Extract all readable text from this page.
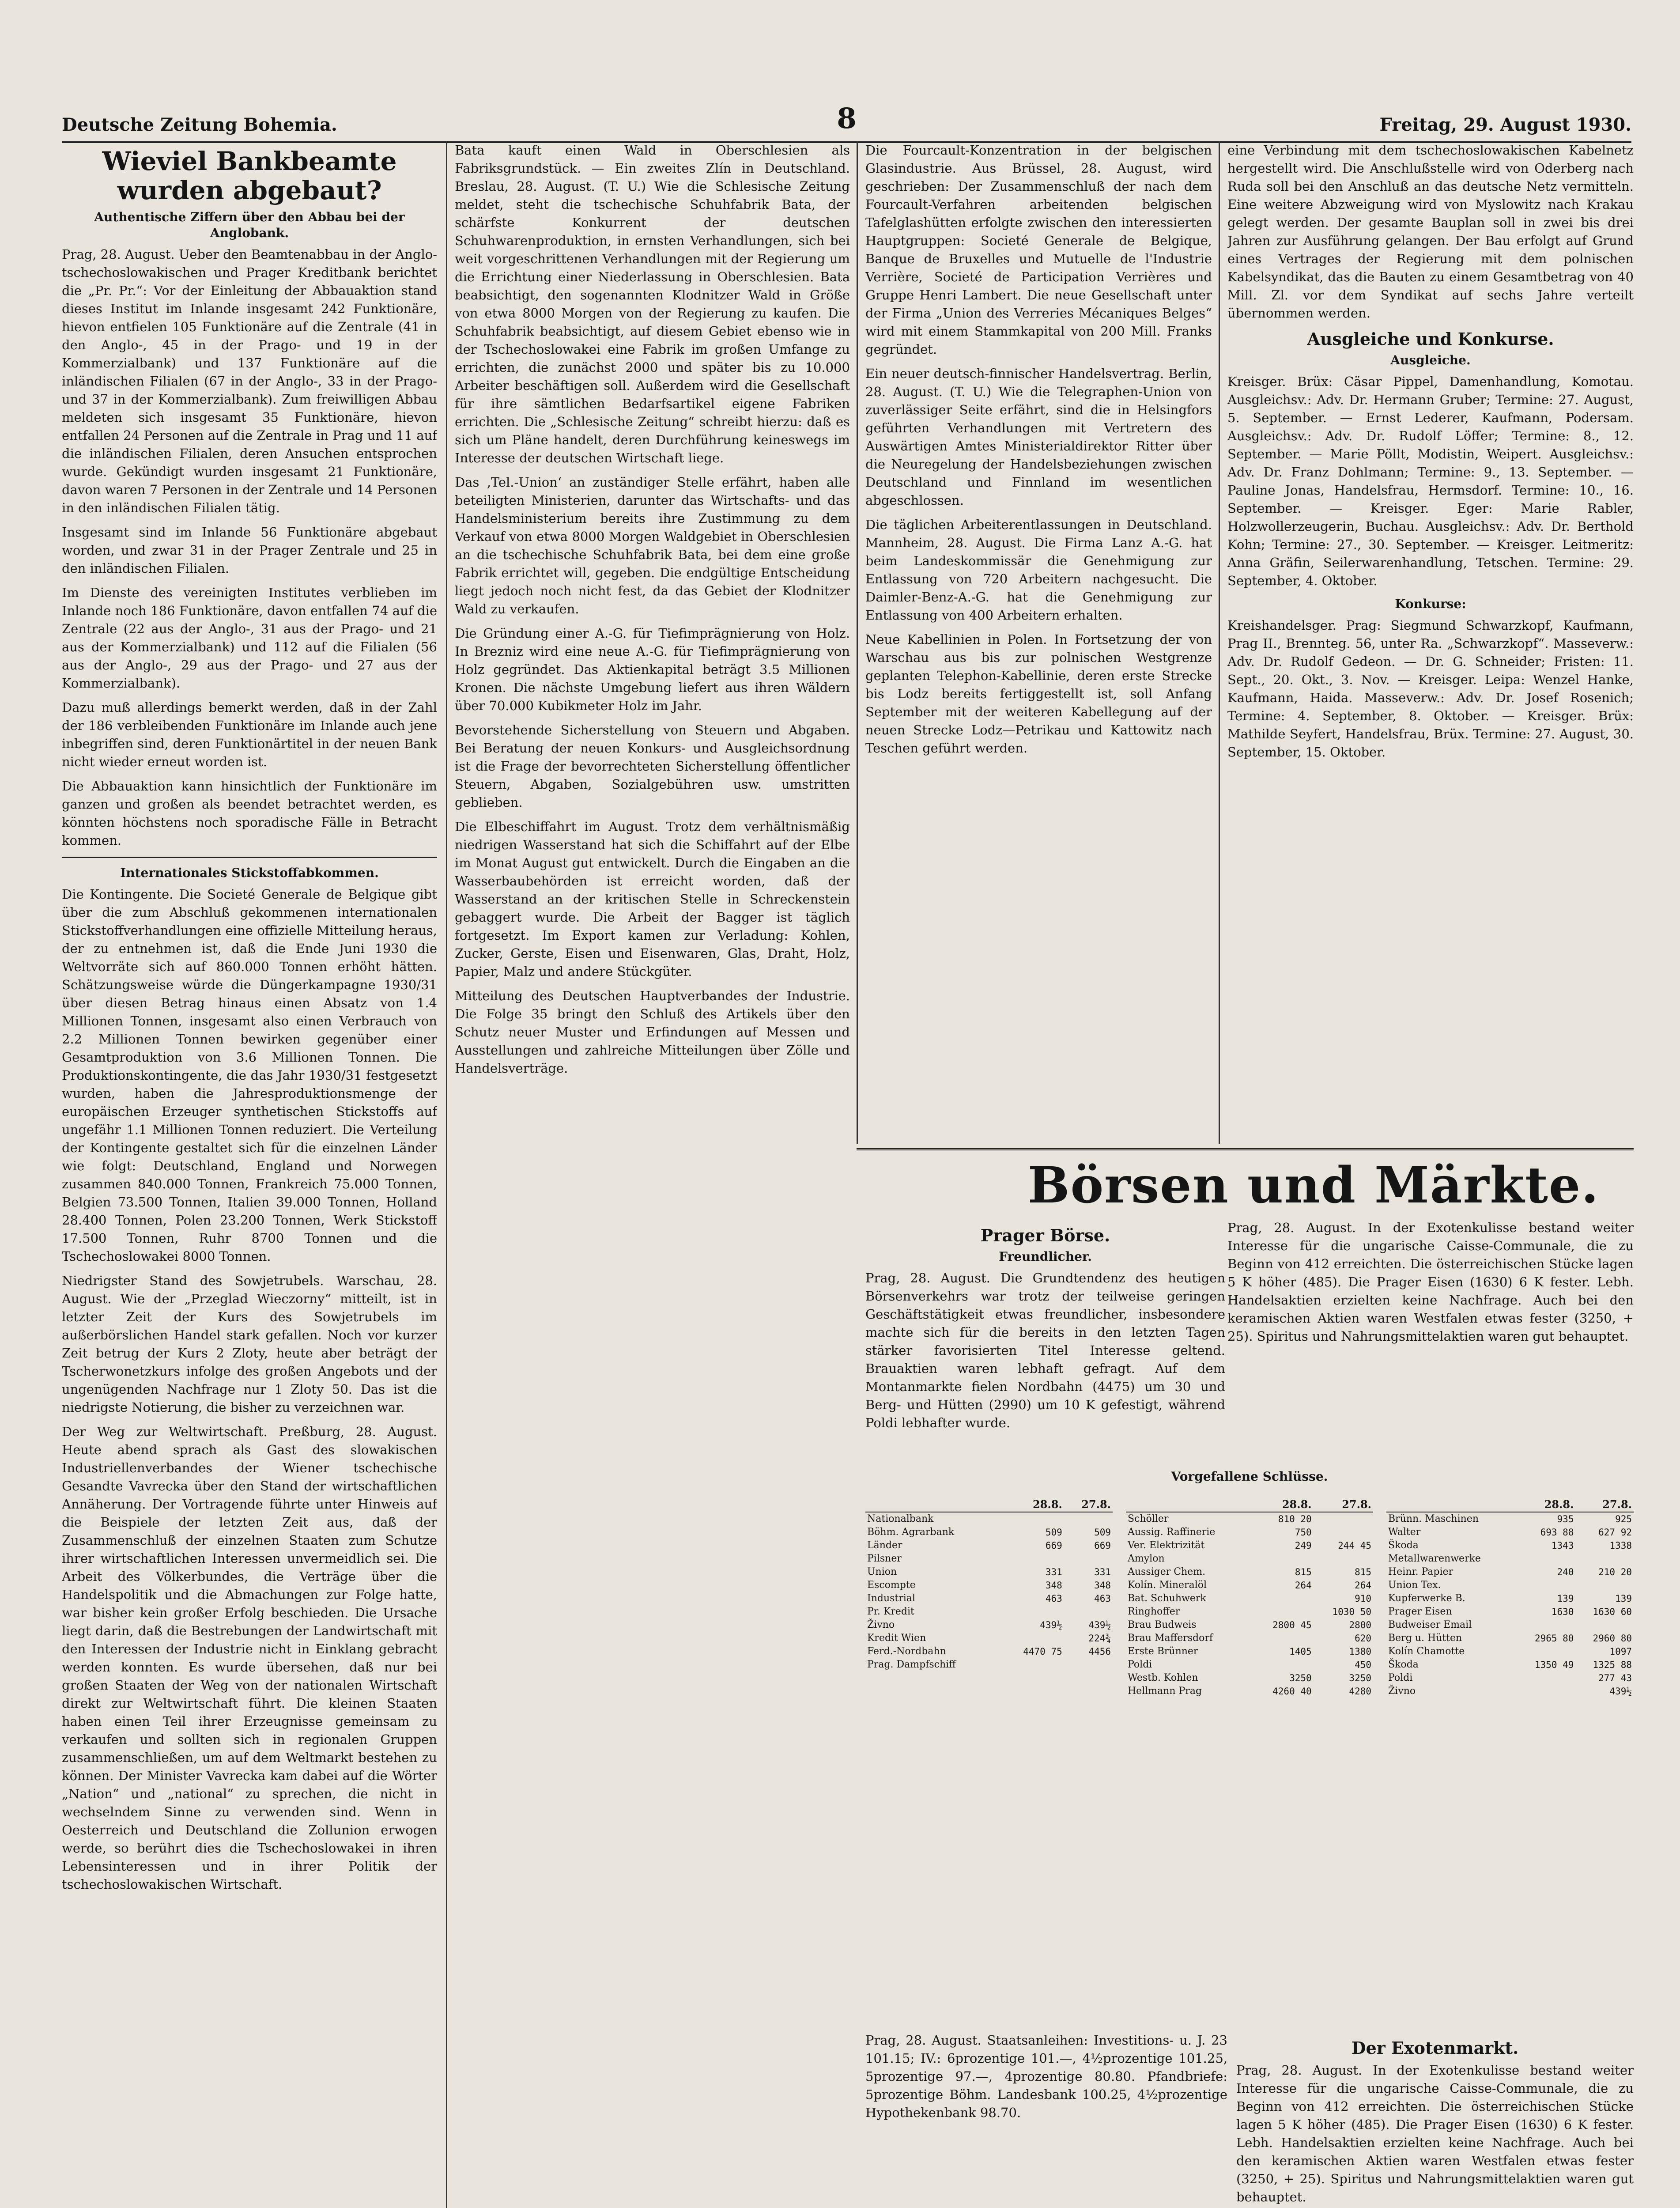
Deutsche Zeitung Bohemia.	8	Freitag, 29. August 1930.
Wieviel Bankbeamte wurden abgebaut?
Authentische Ziffern über den Abbau bei der Anglobank.

Prag, 28. August. Ueber den Beamtenabbau in der Anglo-tschechoslowakischen und Prager Kreditbank berichtet die „Pr. Pr.“: Vor der Einleitung der Abbauaktion stand dieses Institut im Inlande insgesamt 242 Funktionäre, hievon entfielen 105 Funktionäre auf die Zentrale (41 in den Anglo-, 45 in der Prago- und 19 in der Kommerzialbank) und 137 Funktionäre auf die inländischen Filialen (67 in der Anglo-, 33 in der Prago- und 37 in der Kommerzialbank). Zum freiwilligen Abbau meldeten sich insgesamt 35 Funktionäre, hievon entfallen 24 Personen auf die Zentrale in Prag und 11 auf die inländischen Filialen, deren Ansuchen entsprochen wurde. Gekündigt wurden insgesamt 21 Funktionäre, davon waren 7 Personen in der Zentrale und 14 Personen in den inländischen Filialen tätig.

Insgesamt sind im Inlande 56 Funktionäre abgebaut worden, und zwar 31 in der Prager Zentrale und 25 in den inländischen Filialen.

Im Dienste des vereinigten Institutes verblieben im Inlande noch 186 Funktionäre, davon entfallen 74 auf die Zentrale (22 aus der Anglo-, 31 aus der Prago- und 21 aus der Kommerzialbank) und 112 auf die Filialen (56 aus der Anglo-, 29 aus der Prago- und 27 aus der Kommerzialbank).

Dazu muß allerdings bemerkt werden, daß in der Zahl der 186 verbleibenden Funktionäre im Inlande auch jene inbegriffen sind, deren Funktionärtitel in der neuen Bank nicht wieder erneut worden ist.

Die Abbauaktion kann hinsichtlich der Funktionäre im ganzen und großen als beendet betrachtet werden, es könnten höchstens noch sporadische Fälle in Betracht kommen.

Internationales Stickstoffabkommen.

Die Kontingente. Die Societé Generale de Belgique gibt über die zum Abschluß gekommenen internationalen Stickstoffverhandlungen eine offizielle Mitteilung heraus, der zu entnehmen ist, daß die Ende Juni 1930 die Weltvorräte sich auf 860.000 Tonnen erhöht hätten. Schätzungsweise würde die Düngerkampagne 1930/31 über diesen Betrag hinaus einen Absatz von 1.4 Millionen Tonnen, insgesamt also einen Verbrauch von 2.2 Millionen Tonnen bewirken gegenüber einer Gesamtproduktion von 3.6 Millionen Tonnen. Die Produktionskontingente, die das Jahr 1930/31 festgesetzt wurden, haben die Jahresproduktionsmenge der europäischen Erzeuger synthetischen Stickstoffs auf ungefähr 1.1 Millionen Tonnen reduziert. Die Verteilung der Kontingente gestaltet sich für die einzelnen Länder wie folgt: Deutschland, England und Norwegen zusammen 840.000 Tonnen, Frankreich 75.000 Tonnen, Belgien 73.500 Tonnen, Italien 39.000 Tonnen, Holland 28.400 Tonnen, Polen 23.200 Tonnen, Werk Stickstoff 17.500 Tonnen, Ruhr 8700 Tonnen und die Tschechoslowakei 8000 Tonnen.

Niedrigster Stand des Sowjetrubels. Warschau, 28. August. Wie der „Przeglad Wieczorny“ mitteilt, ist in letzter Zeit der Kurs des Sowjetrubels im außerbörslichen Handel stark gefallen. Noch vor kurzer Zeit betrug der Kurs 2 Zloty, heute aber beträgt der Tscherwonetzkurs infolge des großen Angebots und der ungenügenden Nachfrage nur 1 Zloty 50. Das ist die niedrigste Notierung, die bisher zu verzeichnen war.

Der Weg zur Weltwirtschaft. Preßburg, 28. August. Heute abend sprach als Gast des slowakischen Industriellenverbandes der Wiener tschechische Gesandte Vavrecka über den Stand der wirtschaftlichen Annäherung. Der Vortragende führte unter Hinweis auf die Beispiele der letzten Zeit aus, daß der Zusammenschluß der einzelnen Staaten zum Schutze ihrer wirtschaftlichen Interessen unvermeidlich sei. Die Arbeit des Völkerbundes, die Verträge über die Handelspolitik und die Abmachungen zur Folge hatte, war bisher kein großer Erfolg beschieden. Die Ursache liegt darin, daß die Bestrebungen der Landwirtschaft mit den Interessen der Industrie nicht in Einklang gebracht werden konnten. Es wurde übersehen, daß nur bei großen Staaten der Weg von der nationalen Wirtschaft direkt zur Weltwirtschaft führt. Die kleinen Staaten haben einen Teil ihrer Erzeugnisse gemeinsam zu verkaufen und sollten sich in regionalen Gruppen zusammenschließen, um auf dem Weltmarkt bestehen zu können. Der Minister Vavrecka kam dabei auf die Wörter „Nation“ und „national“ zu sprechen, die nicht in wechselndem Sinne zu verwenden sind. Wenn in Oesterreich und Deutschland die Zollunion erwogen werde, so berührt dies die Tschechoslowakei in ihren Lebensinteressen und in ihrer Politik der tschechoslowakischen Wirtschaft.

Bata kauft einen Wald in Oberschlesien als Fabriksgrundstück. — Ein zweites Zlín in Deutschland. Breslau, 28. August. (T. U.) Wie die Schlesische Zeitung meldet, steht die tschechische Schuhfabrik Bata, der schärfste Konkurrent der deutschen Schuhwarenproduktion, in ernsten Verhandlungen, sich bei weit vorgeschrittenen Verhandlungen mit der Regierung um die Errichtung einer Niederlassung in Oberschlesien. Bata beabsichtigt, den sogenannten Klodnitzer Wald in Größe von etwa 8000 Morgen von der Regierung zu kaufen. Die Schuhfabrik beabsichtigt, auf diesem Gebiet ebenso wie in der Tschechoslowakei eine Fabrik im großen Umfange zu errichten, die zunächst 2000 und später bis zu 10.000 Arbeiter beschäftigen soll. Außerdem wird die Gesellschaft für ihre sämtlichen Bedarfsartikel eigene Fabriken errichten. Die „Schlesische Zeitung“ schreibt hierzu: daß es sich um Pläne handelt, deren Durchführung keineswegs im Interesse der deutschen Wirtschaft liege.

Das ‚Tel.-Union‘ an zuständiger Stelle erfährt, haben alle beteiligten Ministerien, darunter das Wirtschafts- und das Handelsministerium bereits ihre Zustimmung zu dem Verkauf von etwa 8000 Morgen Waldgebiet in Oberschlesien an die tschechische Schuhfabrik Bata, bei dem eine große Fabrik errichtet will, gegeben. Die endgültige Entscheidung liegt jedoch noch nicht fest, da das Gebiet der Klodnitzer Wald zu verkaufen.

Die Gründung einer A.-G. für Tiefimprägnierung von Holz. In Brezniz wird eine neue A.-G. für Tiefimprägnierung von Holz gegründet. Das Aktienkapital beträgt 3.5 Millionen Kronen. Die nächste Umgebung liefert aus ihren Wäldern über 70.000 Kubikmeter Holz im Jahr.

Bevorstehende Sicherstellung von Steuern und Abgaben. Bei Beratung der neuen Konkurs- und Ausgleichsordnung ist die Frage der bevorrechteten Sicherstellung öffentlicher Steuern, Abgaben, Sozialgebühren usw. umstritten geblieben.

Die Elbeschiffahrt im August. Trotz dem verhältnismäßig niedrigen Wasserstand hat sich die Schiffahrt auf der Elbe im Monat August gut entwickelt. Durch die Eingaben an die Wasserbaubehörden ist erreicht worden, daß der Wasserstand an der kritischen Stelle in Schreckenstein gebaggert wurde. Die Arbeit der Bagger ist täglich fortgesetzt. Im Export kamen zur Verladung: Kohlen, Zucker, Gerste, Eisen und Eisenwaren, Glas, Draht, Holz, Papier, Malz und andere Stückgüter.

Mitteilung des Deutschen Hauptverbandes der Industrie. Die Folge 35 bringt den Schluß des Artikels über den Schutz neuer Muster und Erfindungen auf Messen und Ausstellungen und zahlreiche Mitteilungen über Zölle und Handelsverträge.

Die Fourcault-Konzentration in der belgischen Glasindustrie. Aus Brüssel, 28. August, wird geschrieben: Der Zusammenschluß der nach dem Fourcault-Verfahren arbeitenden belgischen Tafelglashütten erfolgte zwischen den interessierten Hauptgruppen: Societé Generale de Belgique, Banque de Bruxelles und Mutuelle de l'Industrie Verrière, Societé de Participation Verrières und Gruppe Henri Lambert. Die neue Gesellschaft unter der Firma „Union des Verreries Mécaniques Belges“ wird mit einem Stammkapital von 200 Mill. Franks gegründet.

Ein neuer deutsch-finnischer Handelsvertrag. Berlin, 28. August. (T. U.) Wie die Telegraphen-Union von zuverlässiger Seite erfährt, sind die in Helsingfors geführten Verhandlungen mit Vertretern des Auswärtigen Amtes Ministerialdirektor Ritter über die Neuregelung der Handelsbeziehungen zwischen Deutschland und Finnland im wesentlichen abgeschlossen.

Die täglichen Arbeiterentlassungen in Deutschland. Mannheim, 28. August. Die Firma Lanz A.-G. hat beim Landeskommissär die Genehmigung zur Entlassung von 720 Arbeitern nachgesucht. Die Daimler-Benz-A.-G. hat die Genehmigung zur Entlassung von 400 Arbeitern erhalten.

Neue Kabellinien in Polen. In Fortsetzung der von Warschau aus bis zur polnischen Westgrenze geplanten Telephon-Kabellinie, deren erste Strecke bis Lodz bereits fertiggestellt ist, soll Anfang September mit der weiteren Kabellegung auf der neuen Strecke Lodz—Petrikau und Kattowitz nach Teschen geführt werden.

eine Verbindung mit dem tschechoslowakischen Kabelnetz hergestellt wird. Die Anschlußstelle wird von Oderberg nach Ruda soll bei den Anschluß an das deutsche Netz vermitteln. Eine weitere Abzweigung wird von Myslowitz nach Krakau gelegt werden. Der gesamte Bauplan soll in zwei bis drei Jahren zur Ausführung gelangen. Der Bau erfolgt auf Grund eines Vertrages der Regierung mit dem polnischen Kabelsyndikat, das die Bauten zu einem Gesamtbetrag von 40 Mill. Zl. vor dem Syndikat auf sechs Jahre verteilt übernommen werden.

Ausgleiche und Konkurse.
Ausgleiche.

Kreisger. Brüx: Cäsar Pippel, Damenhandlung, Komotau. Ausgleichsv.: Adv. Dr. Hermann Gruber; Termine: 27. August, 5. September. — Ernst Lederer, Kaufmann, Podersam. Ausgleichsv.: Adv. Dr. Rudolf Löffer; Termine: 8., 12. September. — Marie Pöllt, Modistin, Weipert. Ausgleichsv.: Adv. Dr. Franz Dohlmann; Termine: 9., 13. September. — Pauline Jonas, Handelsfrau, Hermsdorf. Termine: 10., 16. September. — Kreisger. Eger: Marie Rabler, Holzwollerzeugerin, Buchau. Ausgleichsv.: Adv. Dr. Berthold Kohn; Termine: 27., 30. September. — Kreisger. Leitmeritz: Anna Gräfin, Seilerwarenhandlung, Tetschen. Termine: 29. September, 4. Oktober.

Konkurse:

Kreishandelsger. Prag: Siegmund Schwarzkopf, Kaufmann, Prag II., Brennteg. 56, unter Ra. „Schwarzkopf“. Masseverw.: Adv. Dr. Rudolf Gedeon. — Dr. G. Schneider; Fristen: 11. Sept., 20. Okt., 3. Nov. — Kreisger. Leipa: Wenzel Hanke, Kaufmann, Haida. Masseverw.: Adv. Dr. Josef Rosenich; Termine: 4. September, 8. Oktober. — Kreisger. Brüx: Mathilde Seyfert, Handelsfrau, Brüx. Termine: 27. August, 30. September, 15. Oktober.

Börsen und Märkte.
Prager Börse.
Freundlicher.

Prag, 28. August. Die Grundtendenz des heutigen Börsenverkehrs war trotz der teilweise geringen Geschäftstätigkeit etwas freundlicher, insbesondere machte sich für die bereits in den letzten Tagen stärker favorisierten Titel Interesse geltend. Brauaktien waren lebhaft gefragt. Auf dem Montanmarkte fielen Nordbahn (4475) um 30 und Berg- und Hütten (2990) um 10 K gefestigt, während Poldi lebhafter wurde.

Prag, 28. August. In der Exotenkulisse bestand weiter Interesse für die ungarische Caisse-Communale, die zu Beginn von 412 erreichten. Die österreichischen Stücke lagen 5 K höher (485). Die Prager Eisen (1630) 6 K fester. Lebh. Handelsaktien erzielten keine Nachfrage. Auch bei den keramischen Aktien waren Westfalen etwas fester (3250, + 25). Spiritus und Nahrungsmittelaktien waren gut behauptet.

Vorgefallene Schlüsse.
	28.8.	27.8.
Nationalbank		
Böhm. Agrarbank	509	509
Länder	669	669
Pilsner		
Union	331	331
Escompte	348	348
Industrial	463	463
Pr. Kredit		
Živno	439½	439½
Kredit Wien		224¾
Ferd.-Nordbahn	4470 75	4456
Prag. Dampfschiff		
	28.8.	27.8.
Schöller	810 20	
Aussig. Raffinerie	750	
Ver. Elektrizität	249	244 45
Amylon		
Aussiger Chem.	815	815
Kolín. Mineralöl	264	264
Bat. Schuhwerk		910
Ringhoffer		1030 50
Brau Budweis	2800 45	2800
Brau Maffersdorf		620
Erste Brünner	1405	1380
Poldi		450
Westb. Kohlen	3250	3250
Hellmann Prag	4260 40	4280
	28.8.	27.8.
Brünn. Maschinen	935	925
Walter	693 88	627 92
Škoda	1343	1338
Metallwarenwerke		
Heinr. Papier	240	210 20
Union Tex.		
Kupferwerke B.	139	139
Prager Eisen	1630	1630 60
Budweiser Email		
Berg u. Hütten	2965 80	2960 80
Kolín Chamotte		1097
Škoda	1350 49	1325 88
Poldi		277 43
Živno		439½

Prag, 28. August. Staatsanleihen: Investitions- u. J. 23 101.15; IV.: 6prozentige 101.—, 4½prozentige 101.25, 5prozentige 97.—, 4prozentige 80.80. Pfandbriefe: 5prozentige Böhm. Landesbank 100.25, 4½prozentige Hypothekenbank 98.70.

Der Exotenmarkt.

Prag, 28. August. In der Exotenkulisse bestand weiter Interesse für die ungarische Caisse-Communale, die zu Beginn von 412 erreichten. Die österreichischen Stücke lagen 5 K höher (485). Die Prager Eisen (1630) 6 K fester. Lebh. Handelsaktien erzielten keine Nachfrage. Auch bei den keramischen Aktien waren Westfalen etwas fester (3250, + 25). Spiritus und Nahrungsmittelaktien waren gut behauptet.
